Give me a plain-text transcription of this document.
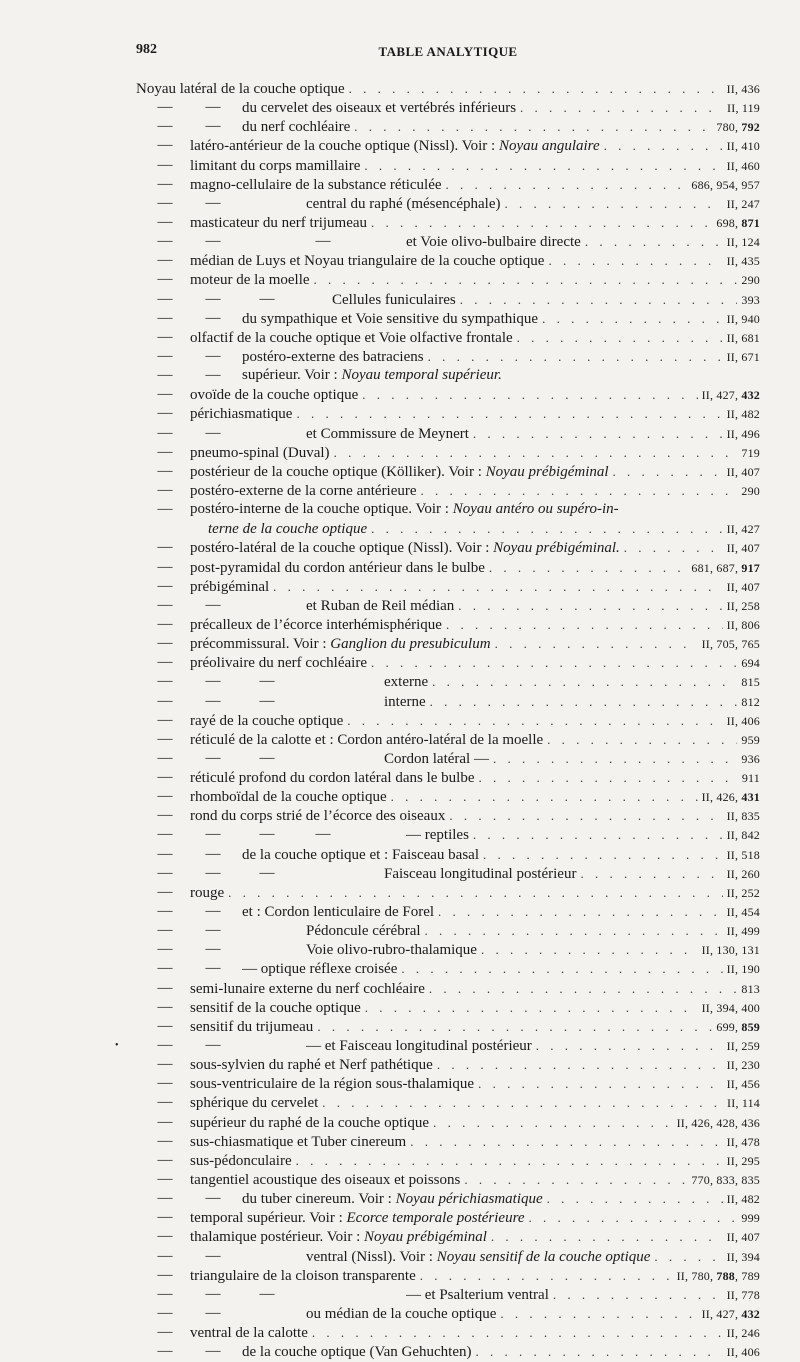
982	TABLE ANALYTIQUE
Noyau latéral de la couche optique . . .	II, 436
— — du cervelet des oiseaux et vertébrés inférieurs . . .	II, 119
— — du nerf cochléaire . . .	780, 792
— latéro-antérieur de la couche optique (Nissl). Voir : Noyau angulaire . . .	II, 410
— limitant du corps mamillaire . . .	II, 460
— magno-cellulaire de la substance réticulée . . .	686, 954, 957
— —	central du raphé (mésencéphale) . . .	II, 247
— masticateur du nerf trijumeau . . .	698, 871
— —	—	et Voie olivo-bulbaire directe . . .	II, 124
— médian de Luys et Noyau triangulaire de la couche optique . . .	II, 435
— moteur de la moelle . . .	290
— —	—	Cellules funiculaires . . .	393
— — du sympathique et Voie sensitive du sympathique . . .	II, 940
— olfactif de la couche optique et Voie olfactive frontale . . .	II, 681
— — postéro-externe des batraciens . . .	II, 671
— — supérieur. Voir : Noyau temporal supérieur.
— ovoïde de la couche optique . . .	II, 427, 432
— périchiasmatique . . .	II, 482
— —	et Commissure de Meynert . . .	II, 496
— pneumo-spinal (Duval) . . .	719
— postérieur de la couche optique (Kölliker). Voir : Noyau prébigéminal . . .	II, 407
— postéro-externe de la corne antérieure . . .	290
— postéro-interne de la couche optique. Voir : Noyau antéro ou supéro-in-
terne de la couche optique . . .	II, 427
— postéro-latéral de la couche optique (Nissl). Voir : Noyau prébigéminal. . . .	II, 407
— post-pyramidal du cordon antérieur dans le bulbe . . .	681, 687, 917
— prébigéminal . . .	II, 407
— —	et Ruban de Reil médian . . .	II, 258
— précalleux de l’écorce interhémisphérique . . .	II, 806
— précommissural. Voir : Ganglion du presubiculum . . .	II, 705, 765
— préolivaire du nerf cochléaire . . .	694
— —	—	externe . . .	815
— —	—	interne . . .	812
— rayé de la couche optique . . .	II, 406
— réticulé de la calotte et : Cordon antéro-latéral de la moelle . . .	959
— —	—	Cordon latéral — . . .	936
— réticulé profond du cordon latéral dans le bulbe . . .	911
— rhomboïdal de la couche optique . . .	II, 426, 431
— rond du corps strié de l’écorce des oiseaux . . .	II, 835
— —	—	—	— reptiles . . .	II, 842
— — de la couche optique et : Faisceau basal . . .	II, 518
— —	—	Faisceau longitudinal postérieur . . .	II, 260
— rouge . . .	II, 252
— — et : Cordon lenticulaire de Forel . . .	II, 454
— —	Pédoncule cérébral . . .	II, 499
— —	Voie olivo-rubro-thalamique . . .	II, 130, 131
— — — optique réflexe croisée . . .	II, 190
— semi-lunaire externe du nerf cochléaire . . .	813
— sensitif de la couche optique . . .	II, 394, 400
— sensitif du trijumeau . . .	699, 859
— —	— et Faisceau longitudinal postérieur . . .	II, 259
— sous-sylvien du raphé et Nerf pathétique . . .	II, 230
— sous-ventriculaire de la région sous-thalamique . . .	II, 456
— sphérique du cervelet . . .	II, 114
— supérieur du raphé de la couche optique . . .	II, 426, 428, 436
— sus-chiasmatique et Tuber cinereum . . .	II, 478
— sus-pédonculaire . . .	II, 295
— tangentiel acoustique des oiseaux et poissons . . .	770, 833, 835
— — du tuber cinereum. Voir : Noyau périchiasmatique . . .	II, 482
— temporal supérieur. Voir : Ecorce temporale postérieure . . .	999
— thalamique postérieur. Voir : Noyau prébigéminal . . .	II, 407
— —	ventral (Nissl). Voir : Noyau sensitif de la couche optique . . .	II, 394
— triangulaire de la cloison transparente . . .	II, 780, 788, 789
— —	—	— et Psalterium ventral . . .	II, 778
— —	ou médian de la couche optique . . .	II, 427, 432
— ventral de la calotte . . .	II, 246
— — de la couche optique (Van Gehuchten) . . .	II, 406
•
